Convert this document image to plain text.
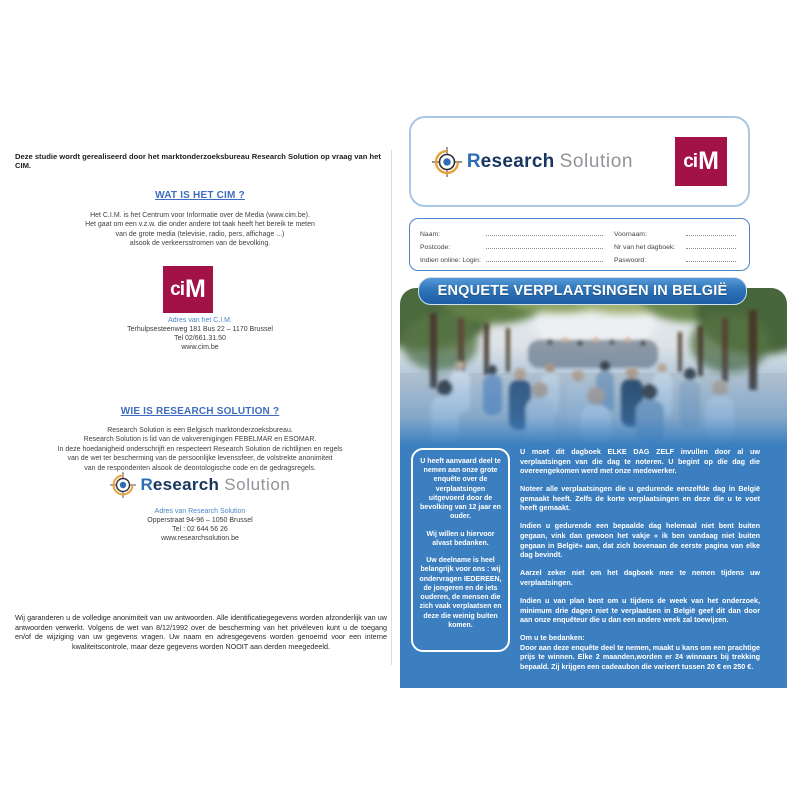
Deze studie wordt gerealiseerd door het marktonderzoeksbureau Research Solution op vraag van het CIM.

WAT IS HET CIM ?
Het C.I.M. is het Centrum voor Informatie over de Media (www.cim.be).
Het gaat om een v.z.w. die onder andere tot taak heeft het bereik te meten
van de grote media (televisie, radio, pers, affichage ...)
alsook de verkeersstromen van de bevolking.
ci M
Adres van het C.I.M.
Terhulpsesteenweg 181 Bus 22 – 1170 Brussel
Tel 02/661.31.50
www.cim.be
WIE IS RESEARCH SOLUTION ?
Research Solution is een Belgisch marktonderzoeksbureau.
Research Solution is lid van de vakverenigingen FEBELMAR en ESOMAR.
In deze hoedanigheid onderschrijft en respecteert Research Solution de richtlijnen en regels
van de wet ter bescherming van de persoonlijke levenssfeer, de volstrekte anonimiteit
van de respondenten alsook de deontologische code en de gedragsregels.
Research Solution
Adres van Research Solution
Opperstraat 94-96 – 1050 Brussel
Tel : 02 644 56 26
www.researchsolution.be

Wij garanderen u de volledige anonimiteit van uw antwoorden. Alle identificatiegegevens worden afzonderlijk van uw antwoorden verwerkt. Volgens de wet van 8/12/1992 over de bescherming van het privéleven kunt u de toegang en/of de wijziging van uw gegevens vragen. Uw naam en adresgegevens worden genoemd voor een interne kwaliteitscontrole, maar deze gegevens worden NOOIT aan derden meegedeeld.

Research Solution	ci M
Naam:	Voornaam:
Postcode:	Nr van het dagboek:
Indien online: Login:	Paswoord:
ENQUETE VERPLAATSINGEN IN BELGIË

U heeft aanvaard deel te nemen aan onze grote enquête over de verplaatsingen uitgevoerd door de bevolking van 12 jaar en ouder.

Wij willen u hiervoor alvast bedanken.

Uw deelname is heel belangrijk voor ons : wij ondervragen IEDEREEN, de jongeren en de iets ouderen, de mensen die zich vaak verplaatsen en deze die weinig buiten komen.

U moet dit dagboek ELKE DAG ZELF invullen door al uw verplaatsingen van die dag te noteren. U begint op die dag die overeengekomen werd met onze medewerker.

Noteer alle verplaatsingen die u gedurende eenzelfde dag in België gemaakt heeft. Zelfs de korte verplaatsingen en deze die u te voet heeft gemaakt.

Indien u gedurende een bepaalde dag helemaal niet bent buiten gegaan, vink dan gewoon het vakje « ik ben vandaag niet buiten gegaan in België» aan, dat zich bovenaan de eerste pagina van elke dag bevindt.

Aarzel zeker niet om het dagboek mee te nemen tijdens uw verplaatsingen.

Indien u van plan bent om u tijdens de week van het onderzoek, minimum drie dagen niet te verplaatsen in België geef dit dan door aan onze enquêteur die u dan een andere week zal toewijzen.

Om u te bedanken:

Door aan deze enquête deel te nemen, maakt u kans om een prachtige prijs te winnen. Elke 2 maanden,worden er 24 winnaars bij trekking bepaald. Zij krijgen een cadeaubon die varieert tussen 20 € en 250 €.
